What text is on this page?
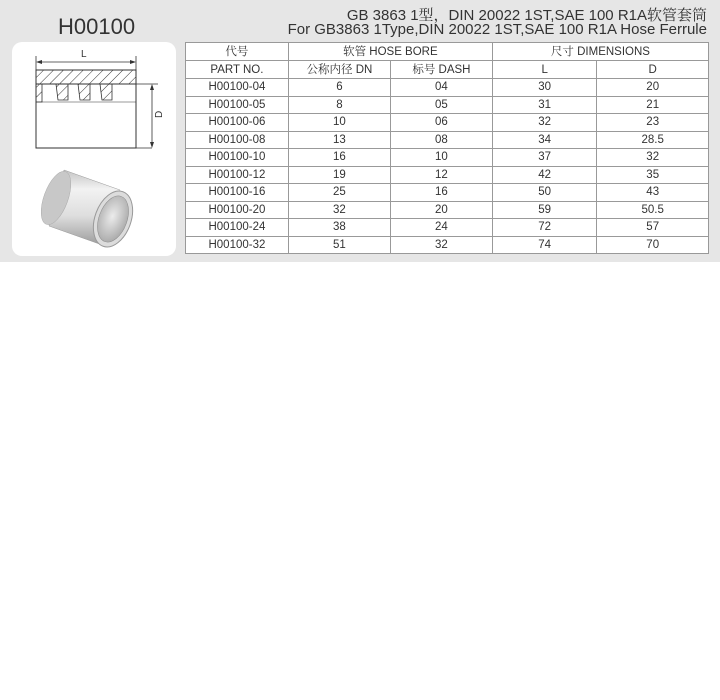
H00100	GB 3863 1型，DIN 20022 1ST,SAE 100 R1A软管套筒
For GB3863 1Type,DIN 20022 1ST,SAE 100 R1A Hose Ferrule
L
D
代号	软管 HOSE BORE		尺寸 DIMENSIONS	
PART NO.	公称内径 DN	标号 DASH	L	D
H00100-04	6	04	30	20
H00100-05	8	05	31	21
H00100-06	10	06	32	23
H00100-08	13	08	34	28.5
H00100-10	16	10	37	32
H00100-12	19	12	42	35
H00100-16	25	16	50	43
H00100-20	32	20	59	50.5
H00100-24	38	24	72	57
H00100-32	51	32	74	70
